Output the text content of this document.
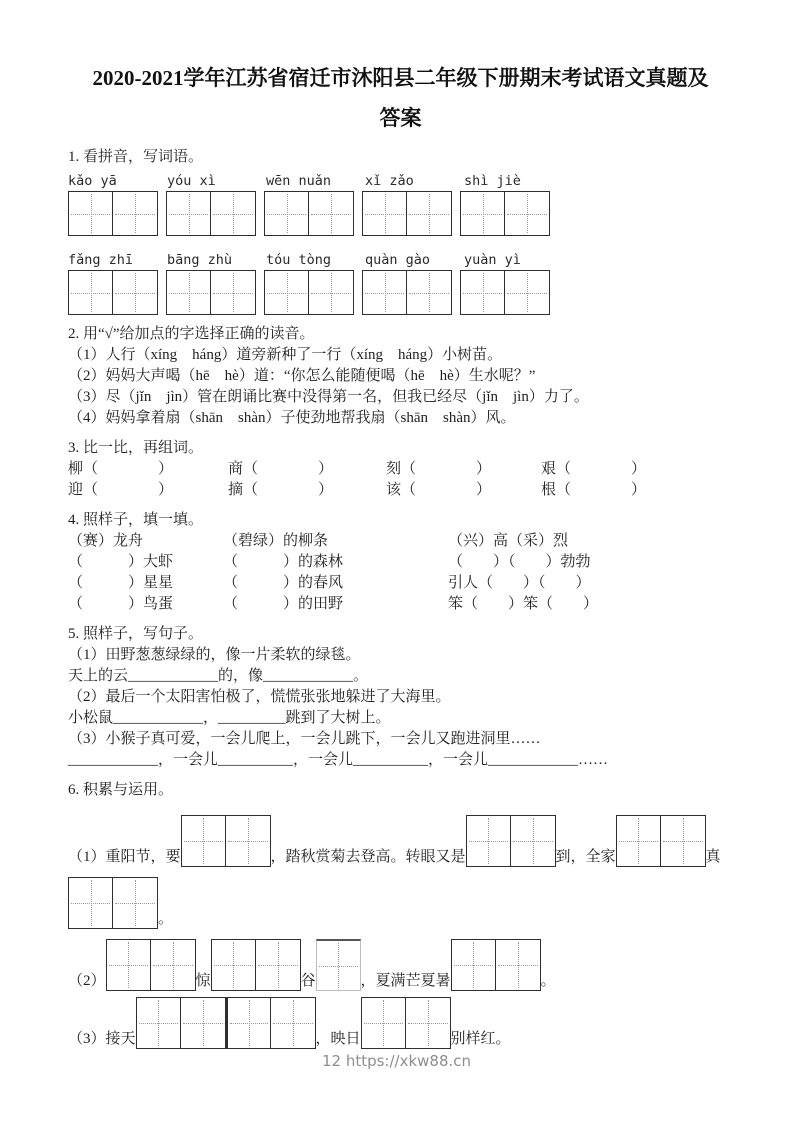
2020-2021学年江苏省宿迁市沐阳县二年级下册期末考试语文真题及
答案
1. 看拼音，写词语。
kǎo yā	yóu xì	wēn nuǎn	xǐ zǎo	shì jiè
fǎng zhī	bāng zhù	tóu tòng	quàn gào	yuàn yì
2. 用“√”给加点的字选择正确的读音。
（1）人行（xíng　háng）道旁新种了一行（xíng　háng）小树苗。
（2）妈妈大声喝（hē　hè）道：“你怎么能随便喝（hē　hè）生水呢？”
（3）尽（jǐn　jìn）管在朗诵比赛中没得第一名，但我已经尽（jǐn　jìn）力了。
（4）妈妈拿着扇（shān　shàn）子使劲地帮我扇（shān　shàn）风。
3. 比一比，再组词。
柳（　　　　）	商（　　　　）	刻（　　　　）	艰（　　　　）
迎（　　　　）	摘（　　　　）	该（　　　　）	根（　　　　）
4. 照样子，填一填。
（赛）龙舟	（碧绿）的柳条	（兴）高（采）烈
（　　　）大虾	（　　　）的森林	（　　）（　　）勃勃
（　　　）星星	（　　　）的春风	引人（　　）（　　）
（　　　）鸟蛋	（　　　）的田野	笨（　　）笨（　　）
5. 照样子，写句子。
（1）田野葱葱绿绿的，像一片柔软的绿毯。
天上的云____________的，像____________。
（2）最后一个太阳害怕极了，慌慌张张地躲进了大海里。
小松鼠____________，_________跳到了大树上。
（3）小猴子真可爱，一会儿爬上，一会儿跳下，一会儿又跑进洞里……
____________，一会儿__________，一会儿__________，一会儿____________……
6. 积累与运用。
（1）重阳节，要	，踏秋赏菊去登高。转眼又是	到，全家	真
。
（2）	惊	谷	，夏满芒夏暑	。
（3）接天	，映日	别样红。
12 https://xkw88.cn
